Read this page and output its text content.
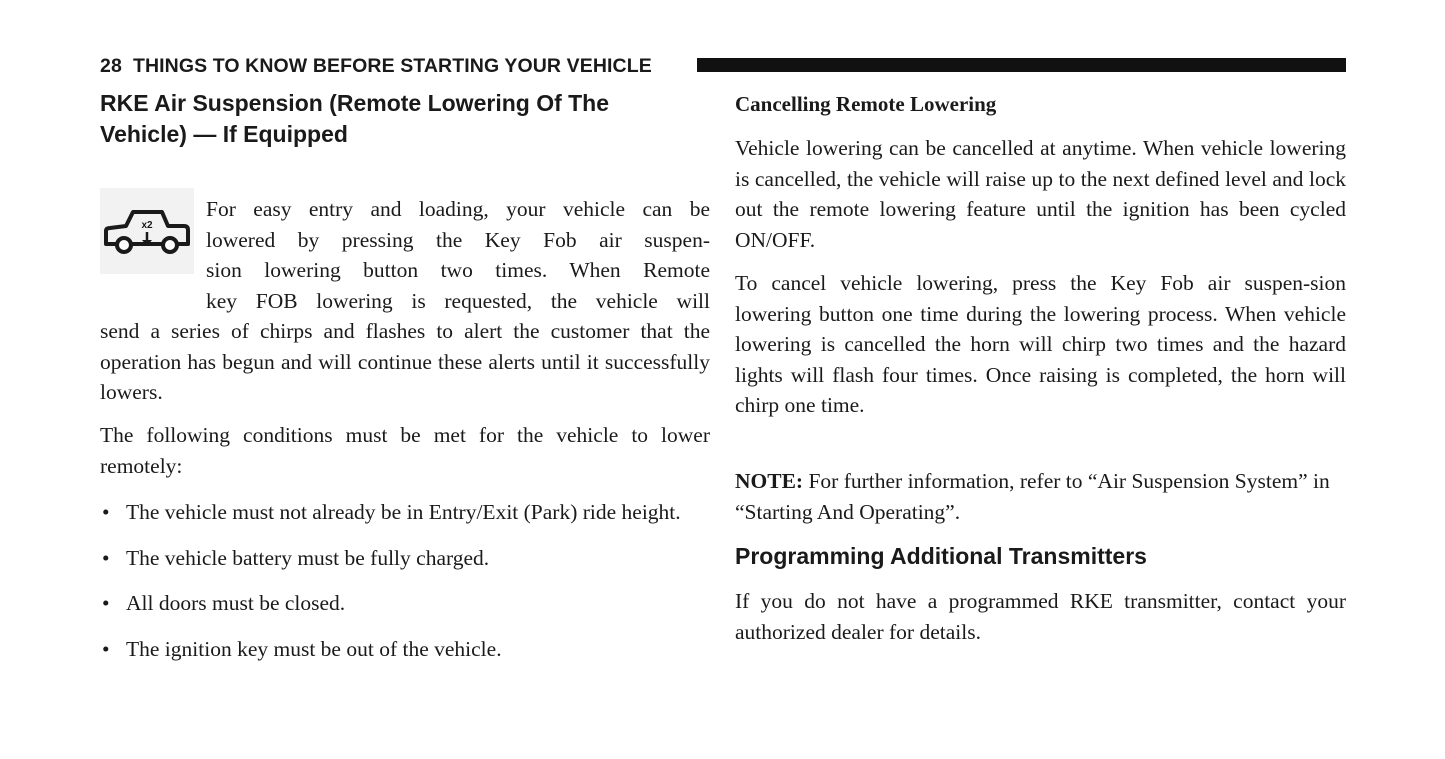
28 THINGS TO KNOW BEFORE STARTING YOUR VEHICLE
RKE Air Suspension (Remote Lowering Of The Vehicle) — If Equipped

For easy entry and loading, your vehicle can be

lowered by pressing the Key Fob air suspen-

sion lowering button two times. When Remote

key FOB lowering is requested, the vehicle will

send a series of chirps and flashes to alert the customer that the operation has begun and will continue these alerts until it successfully lowers.

The following conditions must be met for the vehicle to lower remotely:

• The vehicle must not already be in Entry/Exit (Park) ride height.
• The vehicle battery must be fully charged.
• All doors must be closed.
• The ignition key must be out of the vehicle.
x2
Cancelling Remote Lowering

Vehicle lowering can be cancelled at anytime. When vehicle lowering is cancelled, the vehicle will raise up to the next defined level and lock out the remote lowering feature until the ignition has been cycled ON/OFF.

To cancel vehicle lowering, press the Key Fob air suspen-sion lowering button one time during the lowering process. When vehicle lowering is cancelled the horn will chirp two times and the hazard lights will flash four times. Once raising is completed, the horn will chirp one time.

NOTE: For further information, refer to “Air Suspension System” in “Starting And Operating”.

Programming Additional Transmitters

If you do not have a programmed RKE transmitter, contact your authorized dealer for details.
